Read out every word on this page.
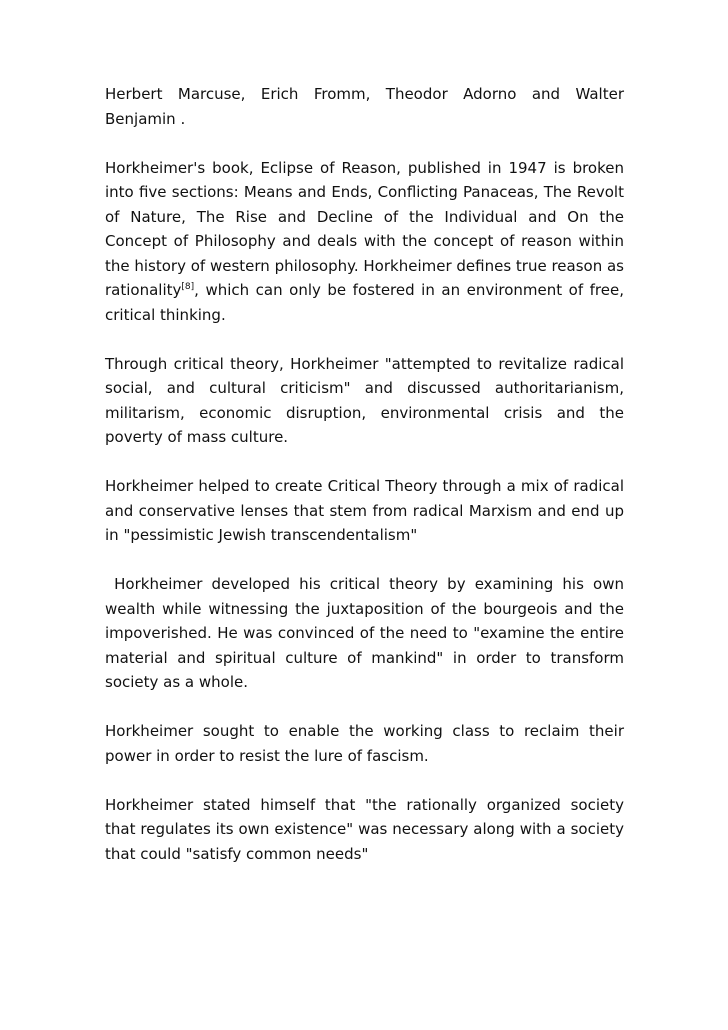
Herbert Marcuse, Erich Fromm, Theodor Adorno and Walter Benjamin .

Horkheimer's book, Eclipse of Reason, published in 1947 is broken into five sections: Means and Ends, Conflicting Panaceas, The Revolt of Nature, The Rise and Decline of the Individual and On the Concept of Philosophy and deals with the concept of reason within the history of western philosophy. Horkheimer defines true reason as rationality[8], which can only be fostered in an environment of free, critical thinking.

Through critical theory, Horkheimer "attempted to revitalize radical social, and cultural criticism" and discussed authoritarianism, militarism, economic disruption, environmental crisis and the poverty of mass culture.

Horkheimer helped to create Critical Theory through a mix of radical and conservative lenses that stem from radical Marxism and end up in "pessimistic Jewish transcendentalism"

Horkheimer developed his critical theory by examining his own wealth while witnessing the juxtaposition of the bourgeois and the impoverished. He was convinced of the need to "examine the entire material and spiritual culture of mankind" in order to transform society as a whole.

Horkheimer sought to enable the working class to reclaim their power in order to resist the lure of fascism.

Horkheimer stated himself that "the rationally organized society that regulates its own existence" was necessary along with a society that could "satisfy common needs"
